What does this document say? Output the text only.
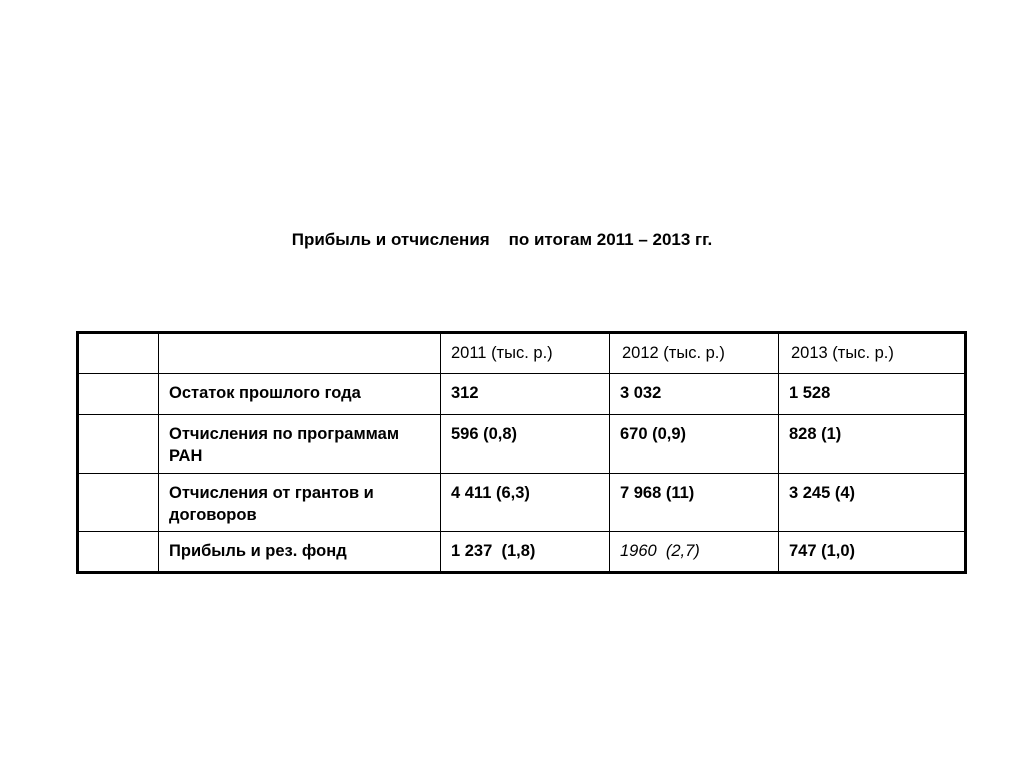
Прибыль и отчисления    по итогам 2011 – 2013 гг.
		2011 (тыс. р.)	2012 (тыс. р.)	2013 (тыс. р.)
	Остаток прошлого года	312	3 032	1 528
	Отчисления по программам РАН	596 (0,8)	670 (0,9)	828 (1)
	Отчисления от грантов и договоров	4 411 (6,3)	7 968 (11)	3 245 (4)
	Прибыль и рез. фонд	1 237  (1,8)	1960  (2,7)	747 (1,0)
